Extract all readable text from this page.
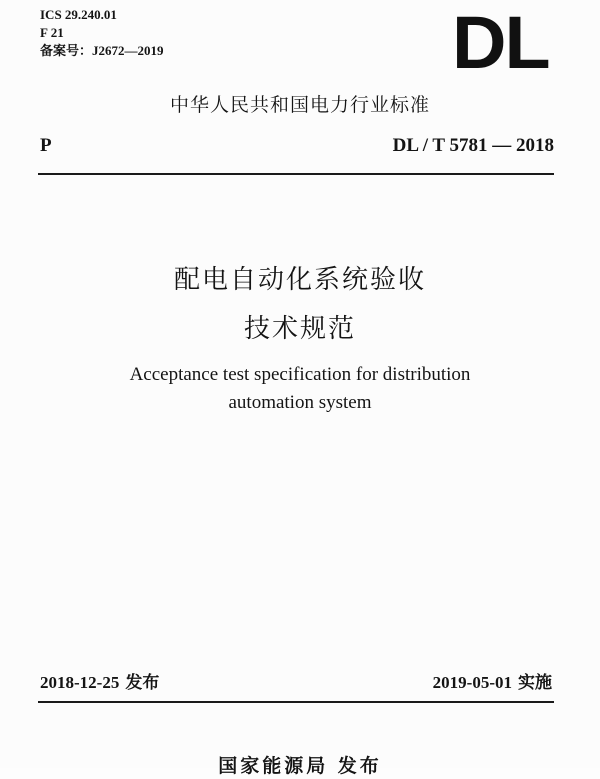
ICS 29.240.01
F 21
备案号：J2672—2019	DL
中华人民共和国电力行业标准
P	DL / T 5781 — 2018
配电自动化系统验收
技术规范
Acceptance test specification for distribution
automation system
2018-12-25 发布	2019-05-01 实施
国家能源局 发布
